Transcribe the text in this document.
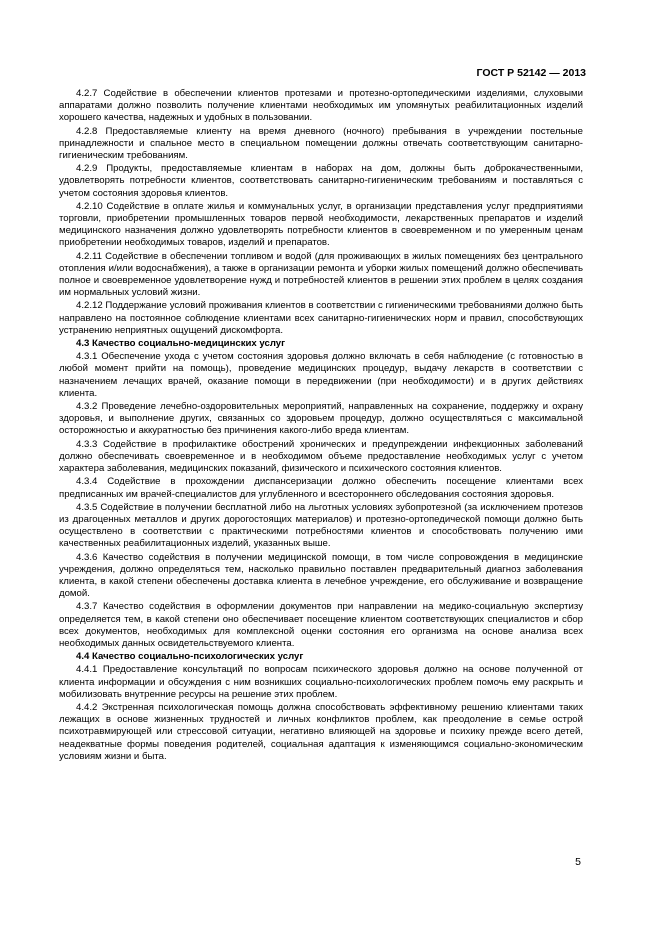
ГОСТ Р 52142 — 2013

4.2.7 Содействие в обеспечении клиентов протезами и протезно-ортопедическими изделиями, слуховыми аппаратами должно позволить получение клиентами необходимых им упомянутых реабилитационных изделий хорошего качества, надежных и удобных в пользовании.

4.2.8 Предоставляемые клиенту на время дневного (ночного) пребывания в учреждении постельные принадлежности и спальное место в специальном помещении должны отвечать соответствующим санитарно-гигиеническим требованиям.

4.2.9 Продукты, предоставляемые клиентам в наборах на дом, должны быть доброкачественными, удовлетворять потребности клиентов, соответствовать санитарно-гигиеническим требованиям и поставляться с учетом состояния здоровья клиентов.

4.2.10 Содействие в оплате жилья и коммунальных услуг, в организации представления услуг предприятиями торговли, приобретении промышленных товаров первой необходимости, лекарственных препаратов и изделий медицинского назначения должно удовлетворять потребности клиентов в своевременном и по умеренным ценам приобретении необходимых товаров, изделий и препаратов.

4.2.11 Содействие в обеспечении топливом и водой (для проживающих в жилых помещениях без центрального отопления и/или водоснабжения), а также в организации ремонта и уборки жилых помещений должно обеспечивать полное и своевременное удовлетворение нужд и потребностей клиентов в решении этих проблем в целях создания им нормальных условий жизни.

4.2.12 Поддержание условий проживания клиентов в соответствии с гигиеническими требованиями должно быть направлено на постоянное соблюдение клиентами всех санитарно-гигиенических норм и правил, способствующих устранению неприятных ощущений дискомфорта.

4.3 Качество социально-медицинских услуг

4.3.1 Обеспечение ухода с учетом состояния здоровья должно включать в себя наблюдение (с готовностью в любой момент прийти на помощь), проведение медицинских процедур, выдачу лекарств в соответствии с назначением лечащих врачей, оказание помощи в передвижении (при необходимости) и в других действиях клиента.

4.3.2 Проведение лечебно-оздоровительных мероприятий, направленных на сохранение, поддержку и охрану здоровья, и выполнение других, связанных со здоровьем процедур, должно осуществляться с максимальной осторожностью и аккуратностью без причинения какого-либо вреда клиентам.

4.3.3 Содействие в профилактике обострений хронических и предупреждении инфекционных заболеваний должно обеспечивать своевременное и в необходимом объеме предоставление необходимых услуг с учетом характера заболевания, медицинских показаний, физического и психического состояния клиентов.

4.3.4 Содействие в прохождении диспансеризации должно обеспечить посещение клиентами всех предписанных им врачей-специалистов для углубленного и всестороннего обследования состояния здоровья.

4.3.5 Содействие в получении бесплатной либо на льготных условиях зубопротезной (за исключением протезов из драгоценных металлов и других дорогостоящих материалов) и протезно-ортопедической помощи должно быть осуществлено в соответствии с практическими потребностями клиентов и способствовать получению ими качественных реабилитационных изделий, указанных выше.

4.3.6 Качество содействия в получении медицинской помощи, в том числе сопровождения в медицинские учреждения, должно определяться тем, насколько правильно поставлен предварительный диагноз заболевания клиента, в какой степени обеспечены доставка клиента в лечебное учреждение, его обслуживание и возвращение домой.

4.3.7 Качество содействия в оформлении документов при направлении на медико-социальную экспертизу определяется тем, в какой степени оно обеспечивает посещение клиентом соответствующих специалистов и сбор всех документов, необходимых для комплексной оценки состояния его организма на основе анализа всех необходимых данных освидетельствуемого клиента.

4.4 Качество социально-психологических услуг

4.4.1 Предоставление консультаций по вопросам психического здоровья должно на основе полученной от клиента информации и обсуждения с ним возникших социально-психологических проблем помочь ему раскрыть и мобилизовать внутренние ресурсы на решение этих проблем.

4.4.2 Экстренная психологическая помощь должна способствовать эффективному решению клиентами таких лежащих в основе жизненных трудностей и личных конфликтов проблем, как преодоление в семье острой психотравмирующей или стрессовой ситуации, негативно влияющей на здоровье и психику прежде всего детей, неадекватные формы поведения родителей, социальная адаптация к изменяющимся социально-экономическим условиям жизни и быта.

5
